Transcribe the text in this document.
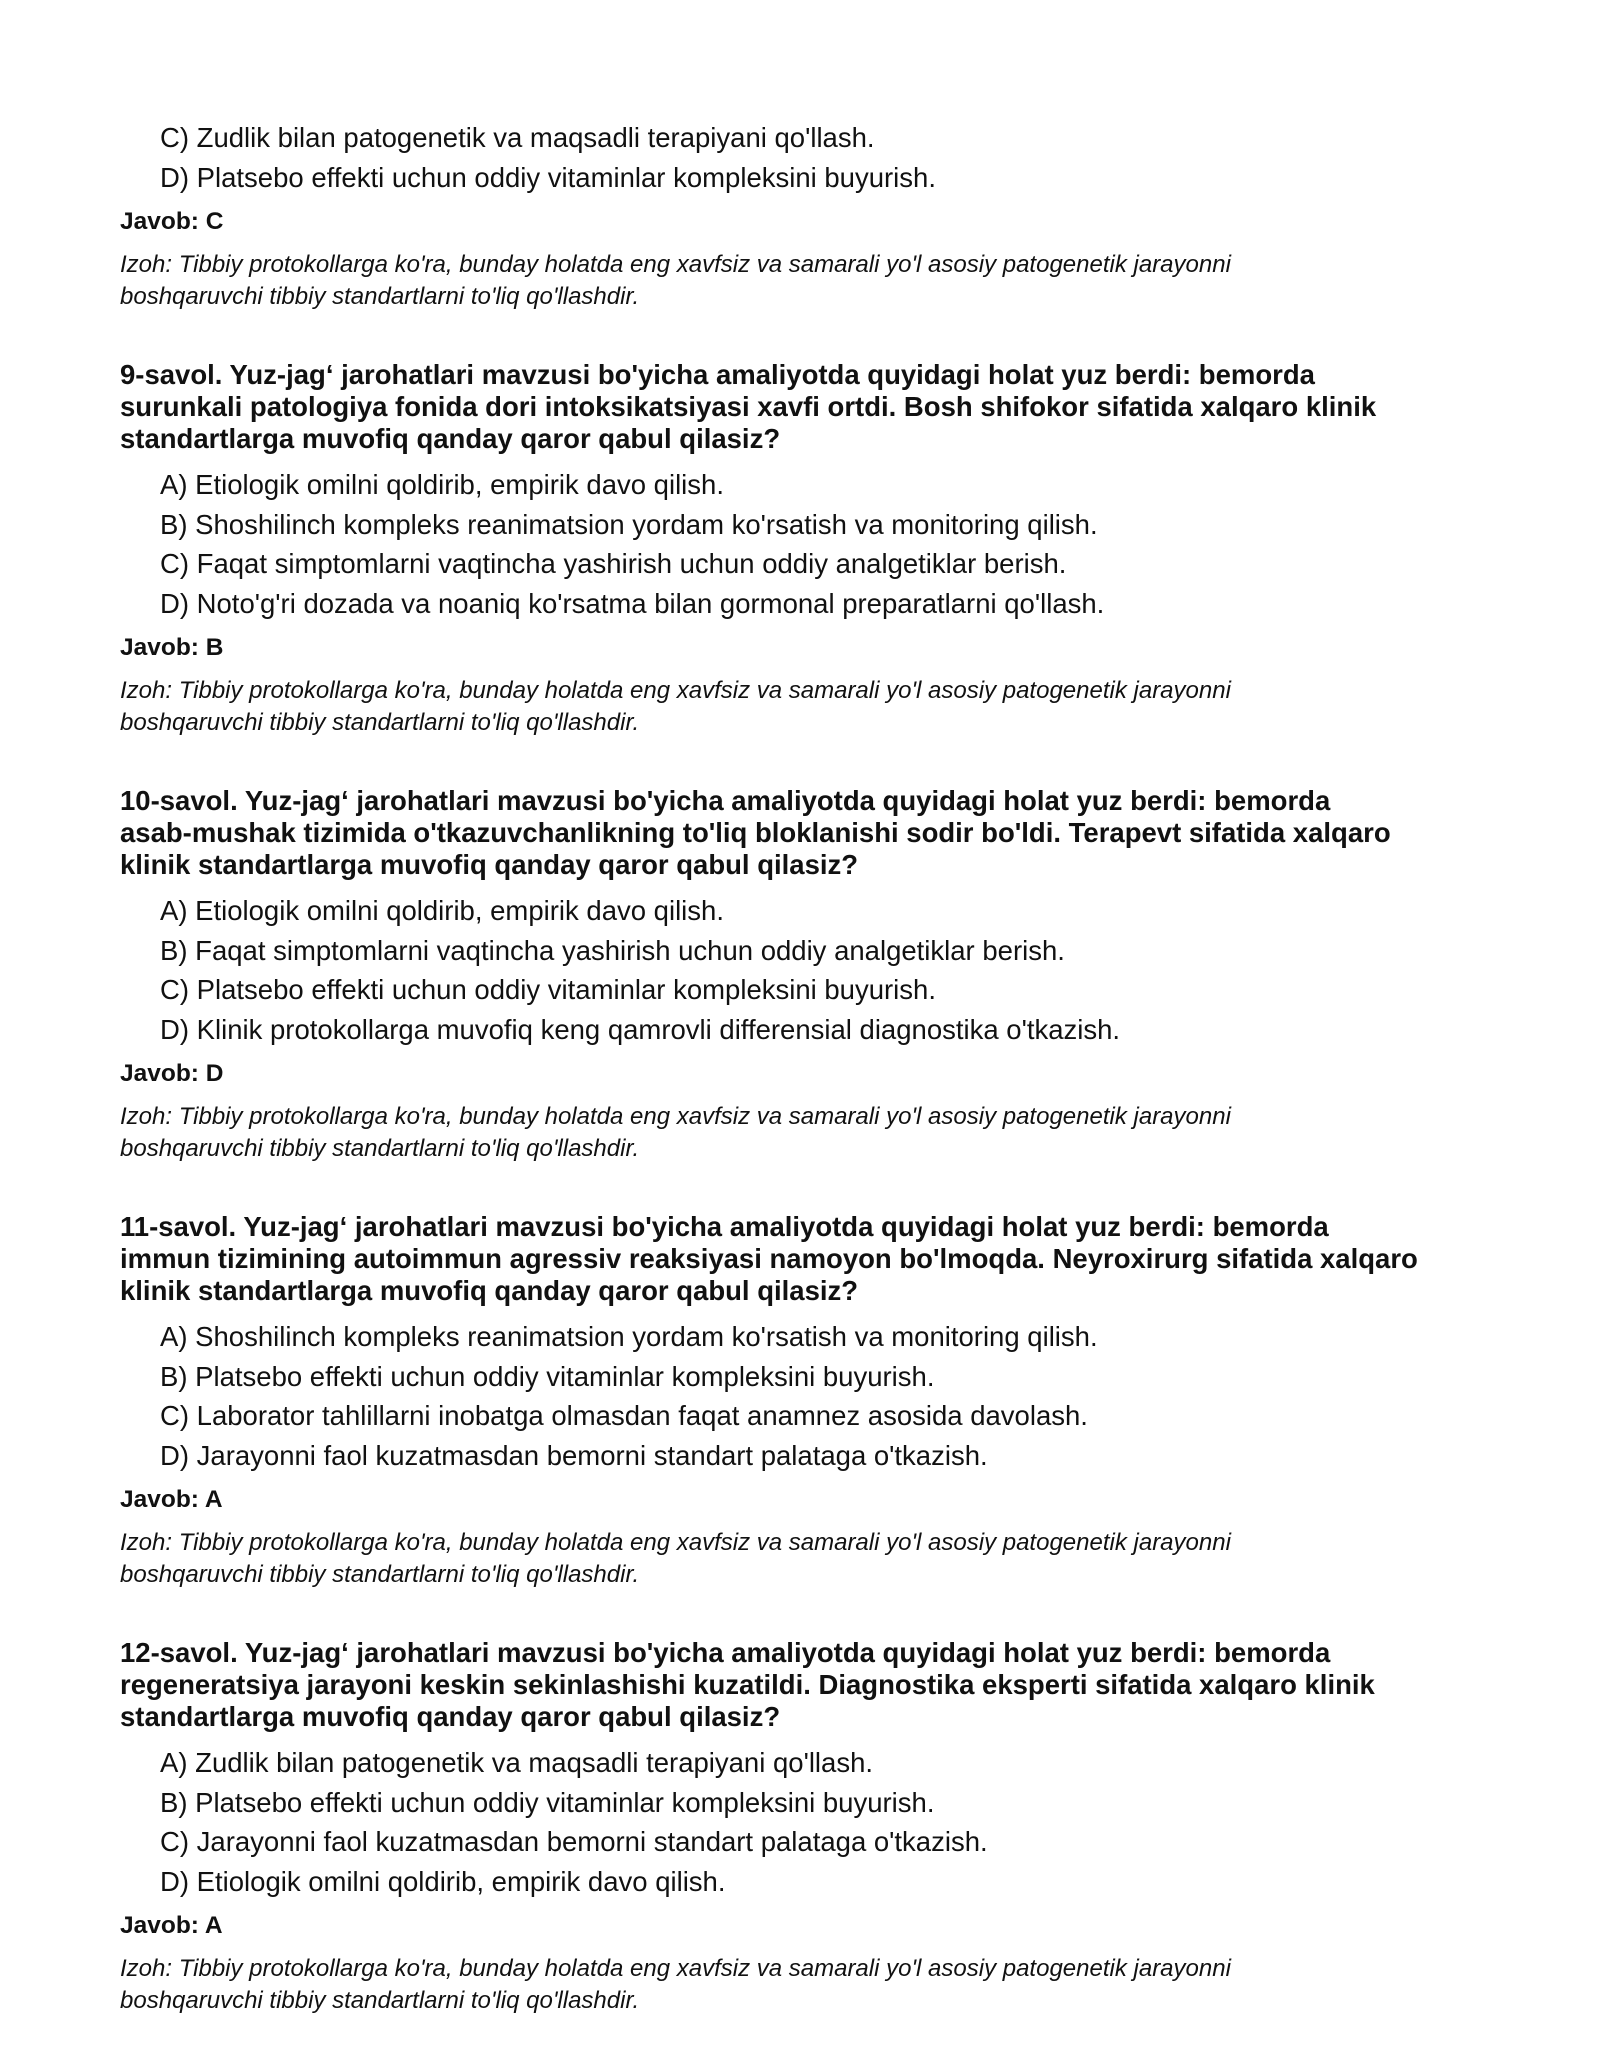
C) Zudlik bilan patogenetik va maqsadli terapiyani qo'llash.
D) Platsebo effekti uchun oddiy vitaminlar kompleksini buyurish.
Javob: C
Izoh: Tibbiy protokollarga ko'ra, bunday holatda eng xavfsiz va samarali yo'l asosiy patogenetik jarayonni
boshqaruvchi tibbiy standartlarni to'liq qo'llashdir.
9-savol. Yuz-jag‘ jarohatlari mavzusi bo'yicha amaliyotda quyidagi holat yuz berdi: bemorda
surunkali patologiya fonida dori intoksikatsiyasi xavfi ortdi. Bosh shifokor sifatida xalqaro klinik
standartlarga muvofiq qanday qaror qabul qilasiz?
A) Etiologik omilni qoldirib, empirik davo qilish.
B) Shoshilinch kompleks reanimatsion yordam ko'rsatish va monitoring qilish.
C) Faqat simptomlarni vaqtincha yashirish uchun oddiy analgetiklar berish.
D) Noto'g'ri dozada va noaniq ko'rsatma bilan gormonal preparatlarni qo'llash.
Javob: B
Izoh: Tibbiy protokollarga ko'ra, bunday holatda eng xavfsiz va samarali yo'l asosiy patogenetik jarayonni
boshqaruvchi tibbiy standartlarni to'liq qo'llashdir.
10-savol. Yuz-jag‘ jarohatlari mavzusi bo'yicha amaliyotda quyidagi holat yuz berdi: bemorda
asab-mushak tizimida o'tkazuvchanlikning to'liq bloklanishi sodir bo'ldi. Terapevt sifatida xalqaro
klinik standartlarga muvofiq qanday qaror qabul qilasiz?
A) Etiologik omilni qoldirib, empirik davo qilish.
B) Faqat simptomlarni vaqtincha yashirish uchun oddiy analgetiklar berish.
C) Platsebo effekti uchun oddiy vitaminlar kompleksini buyurish.
D) Klinik protokollarga muvofiq keng qamrovli differensial diagnostika o'tkazish.
Javob: D
Izoh: Tibbiy protokollarga ko'ra, bunday holatda eng xavfsiz va samarali yo'l asosiy patogenetik jarayonni
boshqaruvchi tibbiy standartlarni to'liq qo'llashdir.
11-savol. Yuz-jag‘ jarohatlari mavzusi bo'yicha amaliyotda quyidagi holat yuz berdi: bemorda
immun tizimining autoimmun agressiv reaksiyasi namoyon bo'lmoqda. Neyroxirurg sifatida xalqaro
klinik standartlarga muvofiq qanday qaror qabul qilasiz?
A) Shoshilinch kompleks reanimatsion yordam ko'rsatish va monitoring qilish.
B) Platsebo effekti uchun oddiy vitaminlar kompleksini buyurish.
C) Laborator tahlillarni inobatga olmasdan faqat anamnez asosida davolash.
D) Jarayonni faol kuzatmasdan bemorni standart palataga o'tkazish.
Javob: A
Izoh: Tibbiy protokollarga ko'ra, bunday holatda eng xavfsiz va samarali yo'l asosiy patogenetik jarayonni
boshqaruvchi tibbiy standartlarni to'liq qo'llashdir.
12-savol. Yuz-jag‘ jarohatlari mavzusi bo'yicha amaliyotda quyidagi holat yuz berdi: bemorda
regeneratsiya jarayoni keskin sekinlashishi kuzatildi. Diagnostika eksperti sifatida xalqaro klinik
standartlarga muvofiq qanday qaror qabul qilasiz?
A) Zudlik bilan patogenetik va maqsadli terapiyani qo'llash.
B) Platsebo effekti uchun oddiy vitaminlar kompleksini buyurish.
C) Jarayonni faol kuzatmasdan bemorni standart palataga o'tkazish.
D) Etiologik omilni qoldirib, empirik davo qilish.
Javob: A
Izoh: Tibbiy protokollarga ko'ra, bunday holatda eng xavfsiz va samarali yo'l asosiy patogenetik jarayonni
boshqaruvchi tibbiy standartlarni to'liq qo'llashdir.
